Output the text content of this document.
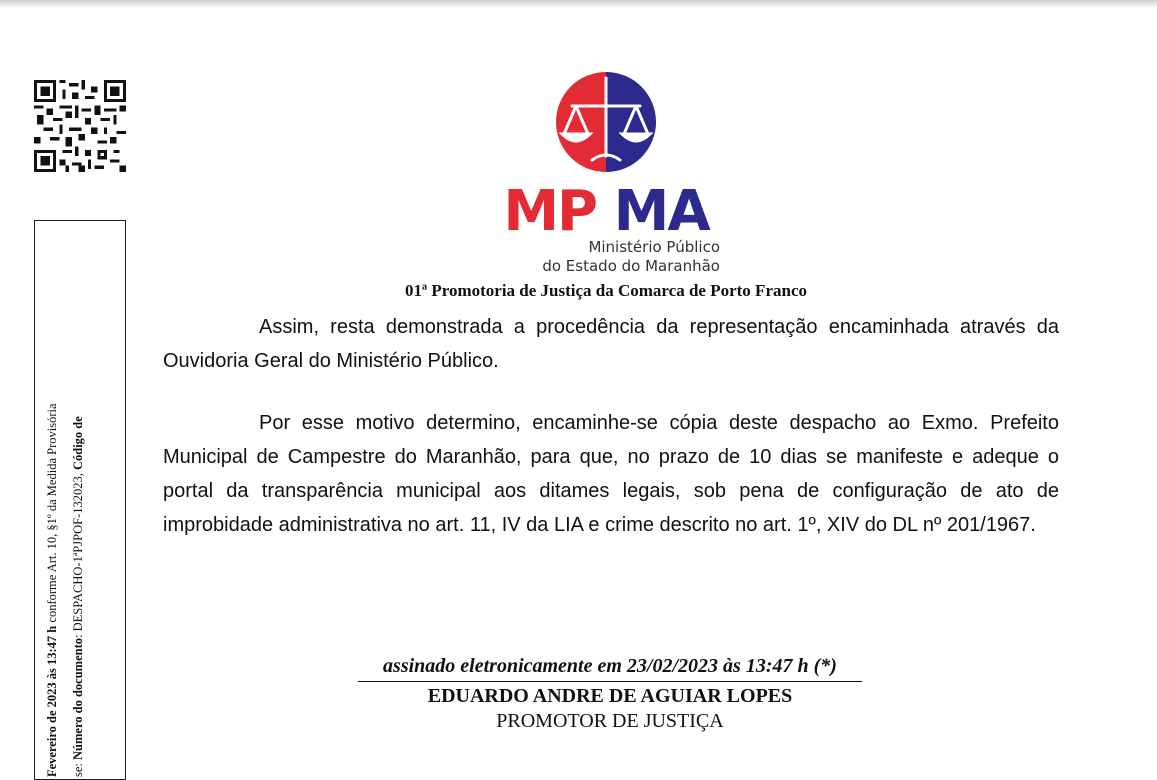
Fevereiro de 2023 às 13:47 h conforme Art. 10, §1º da Medida Provisória
se: Número do documento: DESPACHO-1ªPJPOF-132023, Código de
MP MA
Ministério Público
do Estado do Maranhão
01ª Promotoria de Justiça da Comarca de Porto Franco
Assim, resta demonstrada a procedência da representação encaminhada através da Ouvidoria Geral do Ministério Público.
Por esse motivo determino, encaminhe-se cópia deste despacho ao Exmo. Prefeito Municipal de Campestre do Maranhão, para que, no prazo de 10 dias se manifeste e adeque o portal da transparência municipal aos ditames legais, sob pena de configuração de ato de improbidade administrativa no art. 11, IV da LIA e crime descrito no art. 1º, XIV do DL nº 201/1967.
assinado eletronicamente em 23/02/2023 às 13:47 h (*)
EDUARDO ANDRE DE AGUIAR LOPES
PROMOTOR DE JUSTIÇA
